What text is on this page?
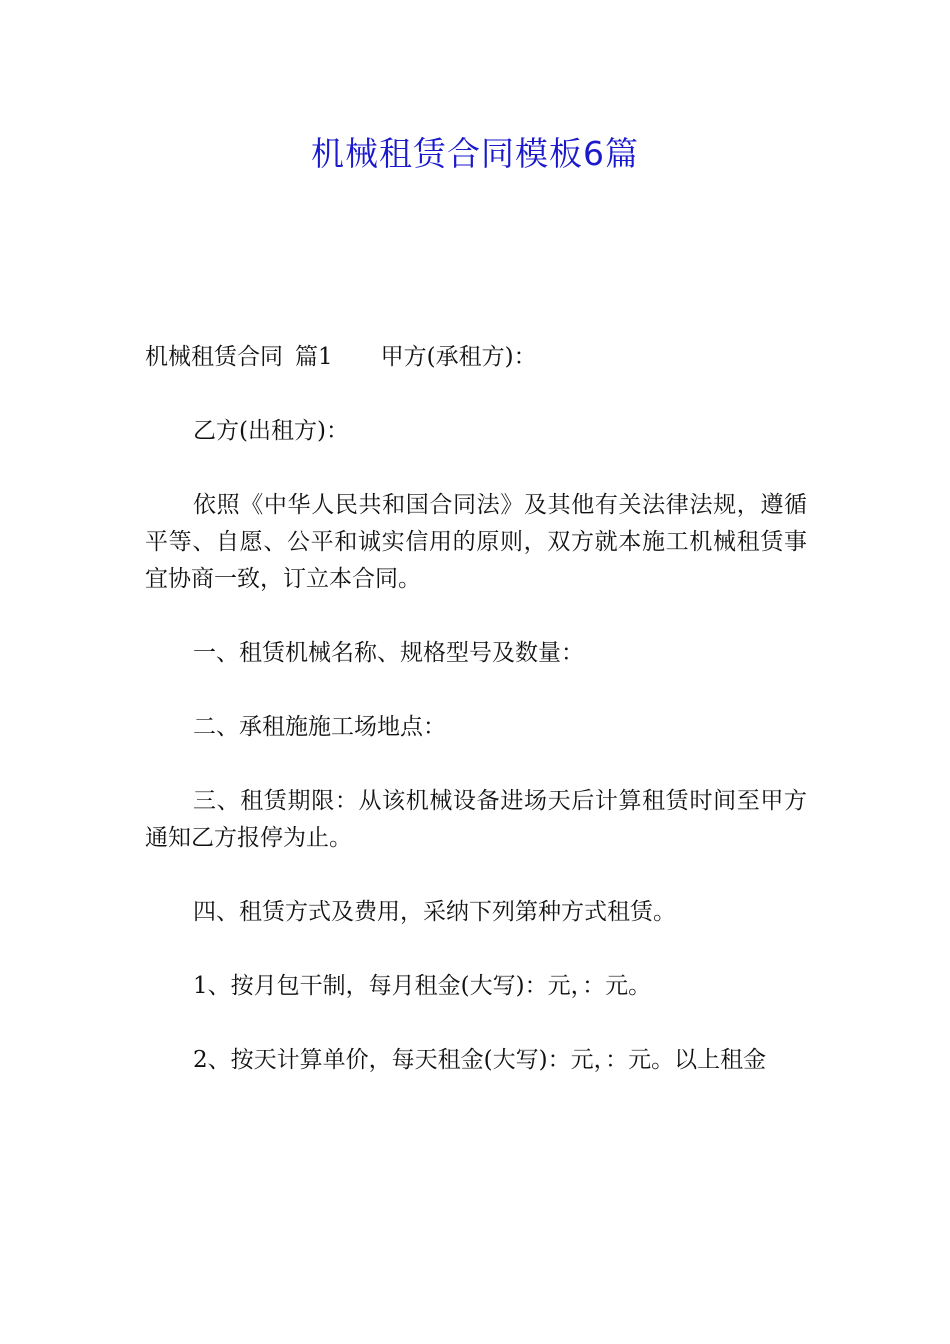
机械租赁合同模板6篇

机械租赁合同 篇1 甲方(承租方)：

乙方(出租方)：

依照《中华人民共和国合同法》及其他有关法律法规，遵循平等、自愿、公平和诚实信用的原则，双方就本施工机械租赁事宜协商一致，订立本合同。

一、租赁机械名称、规格型号及数量：

二、承租施施工场地点：

三、租赁期限：从该机械设备进场天后计算租赁时间至甲方通知乙方报停为止。

四、租赁方式及费用，采纳下列第种方式租赁。

1、按月包干制，每月租金(大写)：元，：元。

2、按天计算单价，每天租金(大写)：元，：元。以上租金
